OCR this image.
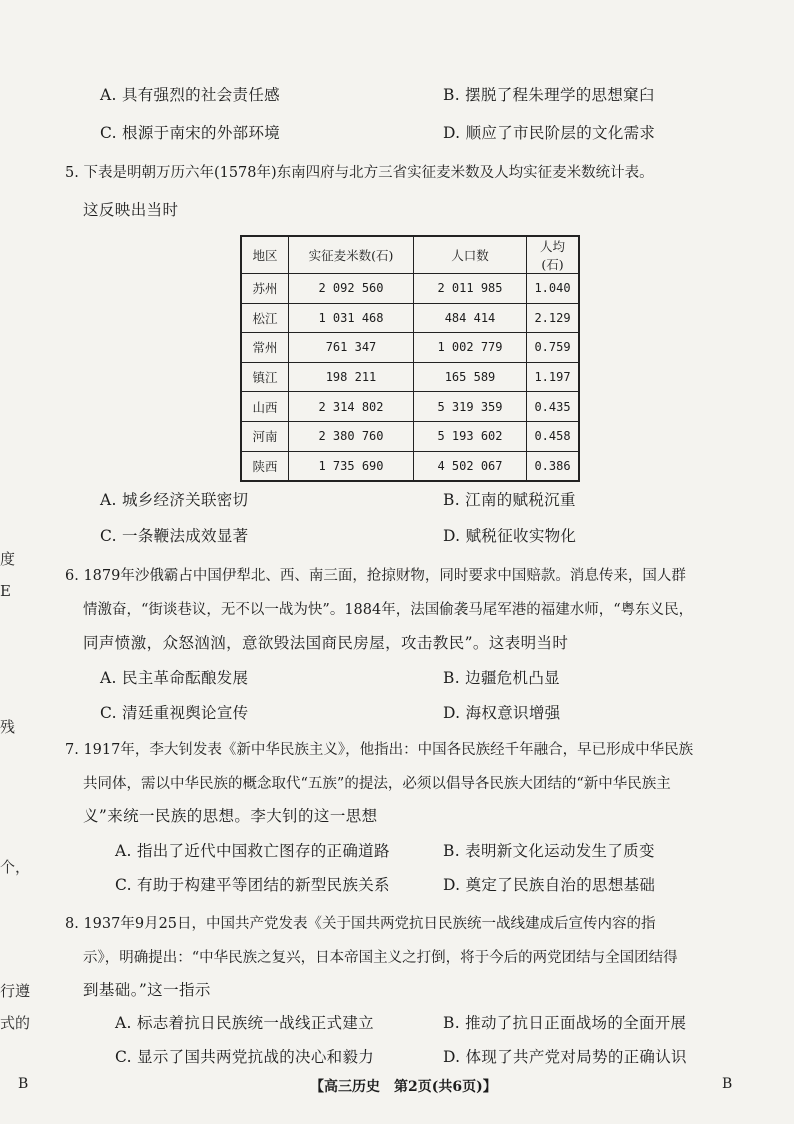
A. 具有强烈的社会责任感	B. 摆脱了程朱理学的思想窠臼
C. 根源于南宋的外部环境	D. 顺应了市民阶层的文化需求
5. 下表是明朝万历六年(1578年)东南四府与北方三省实征麦米数及人均实征麦米数统计表。
这反映出当时
地区	实征麦米数(石)	人口数	人均(石)
苏州	2 092 560	2 011 985	1.040
松江	1 031 468	484 414	2.129
常州	761 347	1 002 779	0.759
镇江	198 211	165 589	1.197
山西	2 314 802	5 319 359	0.435
河南	2 380 760	5 193 602	0.458
陕西	1 735 690	4 502 067	0.386
A. 城乡经济关联密切	B. 江南的赋税沉重
C. 一条鞭法成效显著	D. 赋税征收实物化
6. 1879年沙俄霸占中国伊犁北、西、南三面，抢掠财物，同时要求中国赔款。消息传来，国人群
情激奋，“街谈巷议，无不以一战为快”。1884年，法国偷袭马尾军港的福建水师，“粤东义民，
同声愤激，众怒汹汹，意欲毁法国商民房屋，攻击教民”。这表明当时
A. 民主革命酝酿发展	B. 边疆危机凸显
C. 清廷重视舆论宣传	D. 海权意识增强
7. 1917年，李大钊发表《新中华民族主义》，他指出：中国各民族经千年融合，早已形成中华民族
共同体，需以中华民族的概念取代“五族”的提法，必须以倡导各民族大团结的“新中华民族主
义”来统一民族的思想。李大钊的这一思想
A. 指出了近代中国救亡图存的正确道路	B. 表明新文化运动发生了质变
C. 有助于构建平等团结的新型民族关系	D. 奠定了民族自治的思想基础
8. 1937年9月25日，中国共产党发表《关于国共两党抗日民族统一战线建成后宣传内容的指
示》，明确提出：“中华民族之复兴，日本帝国主义之打倒，将于今后的两党团结与全国团结得
到基础。”这一指示
A. 标志着抗日民族统一战线正式建立	B. 推动了抗日正面战场的全面开展
C. 显示了国共两党抗战的决心和毅力	D. 体现了共产党对局势的正确认识
度
E
残
个，
行遵
式的
B	【高三历史　第2页(共6页)】	B
